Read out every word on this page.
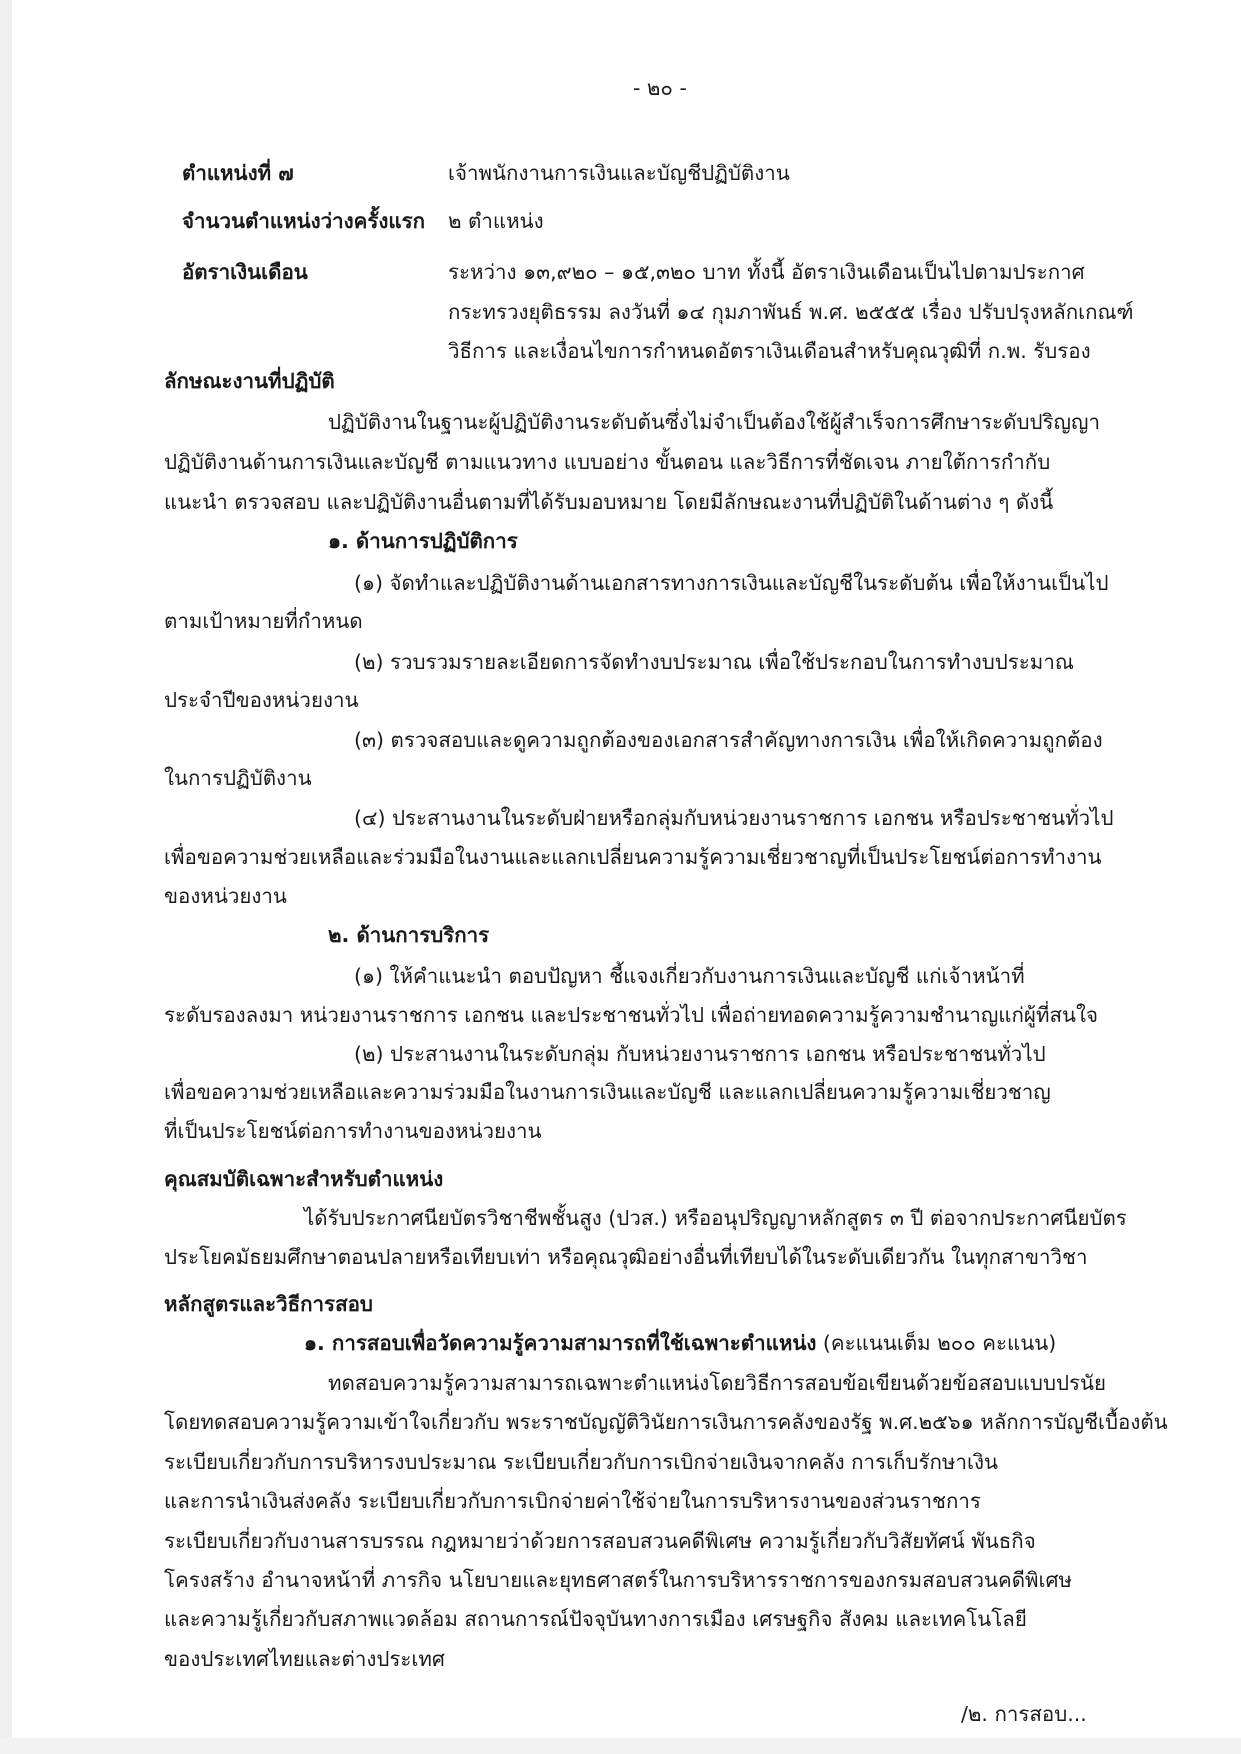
- ๒๐ -
ตำแหน่งที่ ๗	เจ้าพนักงานการเงินและบัญชีปฏิบัติงาน
จำนวนตำแหน่งว่างครั้งแรก ๒ ตำแหน่ง
อัตราเงินเดือน	ระหว่าง ๑๓,๙๒๐ – ๑๕,๓๒๐ บาท ทั้งนี้ อัตราเงินเดือนเป็นไปตามประกาศ
กระทรวงยุติธรรม ลงวันที่ ๑๔ กุมภาพันธ์ พ.ศ. ๒๕๕๕ เรื่อง ปรับปรุงหลักเกณฑ์
วิธีการ และเงื่อนไขการกำหนดอัตราเงินเดือนสำหรับคุณวุฒิที่ ก.พ. รับรอง
ลักษณะงานที่ปฏิบัติ
ปฏิบัติงานในฐานะผู้ปฏิบัติงานระดับต้นซึ่งไม่จำเป็นต้องใช้ผู้สำเร็จการศึกษาระดับปริญญา
ปฏิบัติงานด้านการเงินและบัญชี ตามแนวทาง แบบอย่าง ขั้นตอน และวิธีการที่ชัดเจน ภายใต้การกำกับ
แนะนำ ตรวจสอบ และปฏิบัติงานอื่นตามที่ได้รับมอบหมาย โดยมีลักษณะงานที่ปฏิบัติในด้านต่าง ๆ ดังนี้
๑. ด้านการปฏิบัติการ
(๑) จัดทำและปฏิบัติงานด้านเอกสารทางการเงินและบัญชีในระดับต้น เพื่อให้งานเป็นไป
ตามเป้าหมายที่กำหนด
(๒) รวบรวมรายละเอียดการจัดทำงบประมาณ เพื่อใช้ประกอบในการทำงบประมาณ
ประจำปีของหน่วยงาน
(๓) ตรวจสอบและดูความถูกต้องของเอกสารสำคัญทางการเงิน เพื่อให้เกิดความถูกต้อง
ในการปฏิบัติงาน
(๔) ประสานงานในระดับฝ่ายหรือกลุ่มกับหน่วยงานราชการ เอกชน หรือประชาชนทั่วไป
เพื่อขอความช่วยเหลือและร่วมมือในงานและแลกเปลี่ยนความรู้ความเชี่ยวชาญที่เป็นประโยชน์ต่อการทำงาน
ของหน่วยงาน
๒. ด้านการบริการ
(๑) ให้คำแนะนำ ตอบปัญหา ชี้แจงเกี่ยวกับงานการเงินและบัญชี แก่เจ้าหน้าที่
ระดับรองลงมา หน่วยงานราชการ เอกชน และประชาชนทั่วไป เพื่อถ่ายทอดความรู้ความชำนาญแก่ผู้ที่สนใจ
(๒) ประสานงานในระดับกลุ่ม กับหน่วยงานราชการ เอกชน หรือประชาชนทั่วไป
เพื่อขอความช่วยเหลือและความร่วมมือในงานการเงินและบัญชี และแลกเปลี่ยนความรู้ความเชี่ยวชาญ
ที่เป็นประโยชน์ต่อการทำงานของหน่วยงาน
คุณสมบัติเฉพาะสำหรับตำแหน่ง
ได้รับประกาศนียบัตรวิชาชีพชั้นสูง (ปวส.) หรืออนุปริญญาหลักสูตร ๓ ปี ต่อจากประกาศนียบัตร
ประโยคมัธยมศึกษาตอนปลายหรือเทียบเท่า หรือคุณวุฒิอย่างอื่นที่เทียบได้ในระดับเดียวกัน ในทุกสาขาวิชา
หลักสูตรและวิธีการสอบ
๑. การสอบเพื่อวัดความรู้ความสามารถที่ใช้เฉพาะตำแหน่ง (คะแนนเต็ม ๒๐๐ คะแนน)
ทดสอบความรู้ความสามารถเฉพาะตำแหน่งโดยวิธีการสอบข้อเขียนด้วยข้อสอบแบบปรนัย
โดยทดสอบความรู้ความเข้าใจเกี่ยวกับ พระราชบัญญัติวินัยการเงินการคลังของรัฐ พ.ศ.๒๕๖๑ หลักการบัญชีเบื้องต้น
ระเบียบเกี่ยวกับการบริหารงบประมาณ ระเบียบเกี่ยวกับการเบิกจ่ายเงินจากคลัง การเก็บรักษาเงิน
และการนำเงินส่งคลัง ระเบียบเกี่ยวกับการเบิกจ่ายค่าใช้จ่ายในการบริหารงานของส่วนราชการ
ระเบียบเกี่ยวกับงานสารบรรณ กฎหมายว่าด้วยการสอบสวนคดีพิเศษ ความรู้เกี่ยวกับวิสัยทัศน์ พันธกิจ
โครงสร้าง อำนาจหน้าที่ ภารกิจ นโยบายและยุทธศาสตร์ในการบริหารราชการของกรมสอบสวนคดีพิเศษ
และความรู้เกี่ยวกับสภาพแวดล้อม สถานการณ์ปัจจุบันทางการเมือง เศรษฐกิจ สังคม และเทคโนโลยี
ของประเทศไทยและต่างประเทศ
/๒. การสอบ...
